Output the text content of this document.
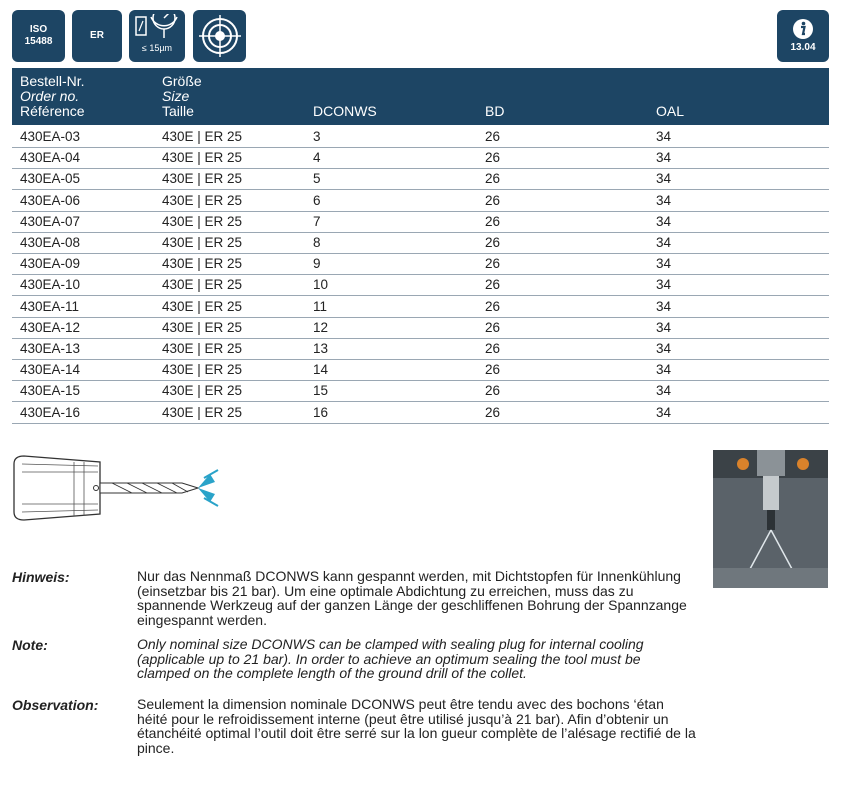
ISO
15488
ER
≤ 15µm	13.04
Bestell-Nr.
Order no.
Référence
Größe
Size
Taille	DCONWS	BD	OAL
430EA-03	430E | ER 25	3	26	34
430EA-04	430E | ER 25	4	26	34
430EA-05	430E | ER 25	5	26	34
430EA-06	430E | ER 25	6	26	34
430EA-07	430E | ER 25	7	26	34
430EA-08	430E | ER 25	8	26	34
430EA-09	430E | ER 25	9	26	34
430EA-10	430E | ER 25	10	26	34
430EA-11	430E | ER 25	11	26	34
430EA-12	430E | ER 25	12	26	34
430EA-13	430E | ER 25	13	26	34
430EA-14	430E | ER 25	14	26	34
430EA-15	430E | ER 25	15	26	34
430EA-16	430E | ER 25	16	26	34
Hinweis:	Nur das Nennmaß DCONWS kann gespannt werden, mit Dichtstopfen für Innenkühlung (einsetzbar bis 21 bar). Um eine optimale Abdichtung zu erreichen, muss das zu spannende Werkzeug auf der ganzen Länge der geschliffenen Bohrung der Spannzange eingespannt werden.
Note:	Only nominal size DCONWS can be clamped with sealing plug for internal cooling (applicable up to 21 bar). In order to achieve an optimum sealing the tool must be clamped on the complete length of the ground drill of the collet.
Observation:	Seulement la dimension nominale DCONWS peut être tendu avec des bochons ‘étan héité pour le refroidissement interne (peut être utilisé jusqu’à 21 bar). Afin d’obtenir un étanchéité optimal l’outil doit être serré sur la lon gueur complète de l’alésage rectifié de la pince.
